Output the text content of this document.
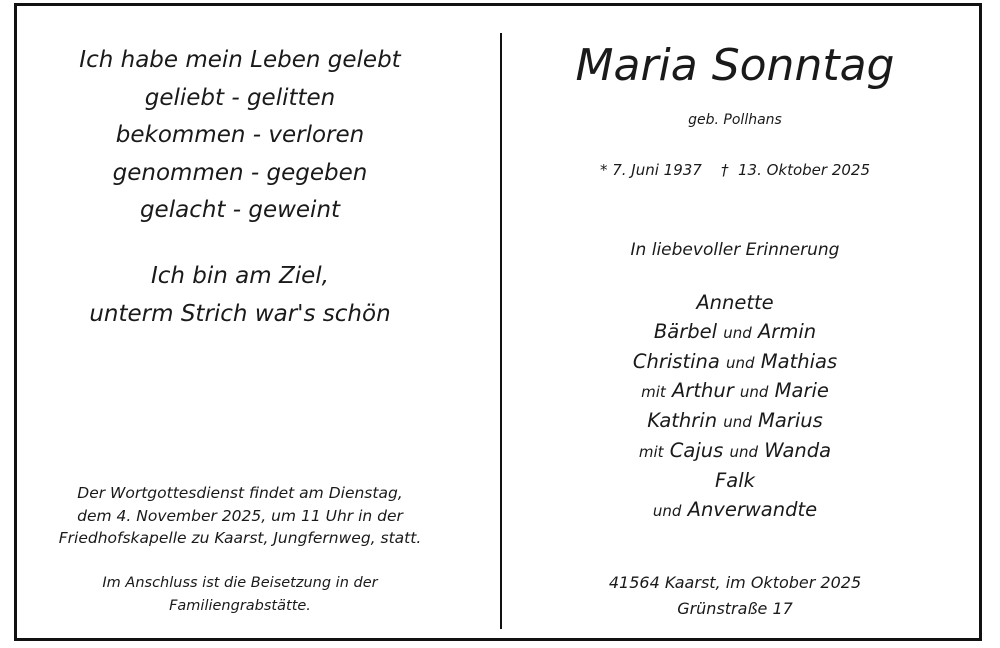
Ich habe mein Leben gelebt
geliebt - gelitten
bekommen - verloren
genommen - gegeben
gelacht - geweint
Ich bin am Ziel,
unterm Strich war's schön
Der Wortgottesdienst findet am Dienstag,
dem 4. November 2025, um 11 Uhr in der
Friedhofskapelle zu Kaarst, Jungfernweg, statt.
Im Anschluss ist die Beisetzung in der
Familiengrabstätte.
Maria Sonntag
geb. Pollhans
* 7. Juni 1937 † 13. Oktober 2025
In liebevoller Erinnerung
Annette
Bärbel und Armin
Christina und Mathias
mit Arthur und Marie
Kathrin und Marius
mit Cajus und Wanda
Falk
und Anverwandte
41564 Kaarst, im Oktober 2025
Grünstraße 17
